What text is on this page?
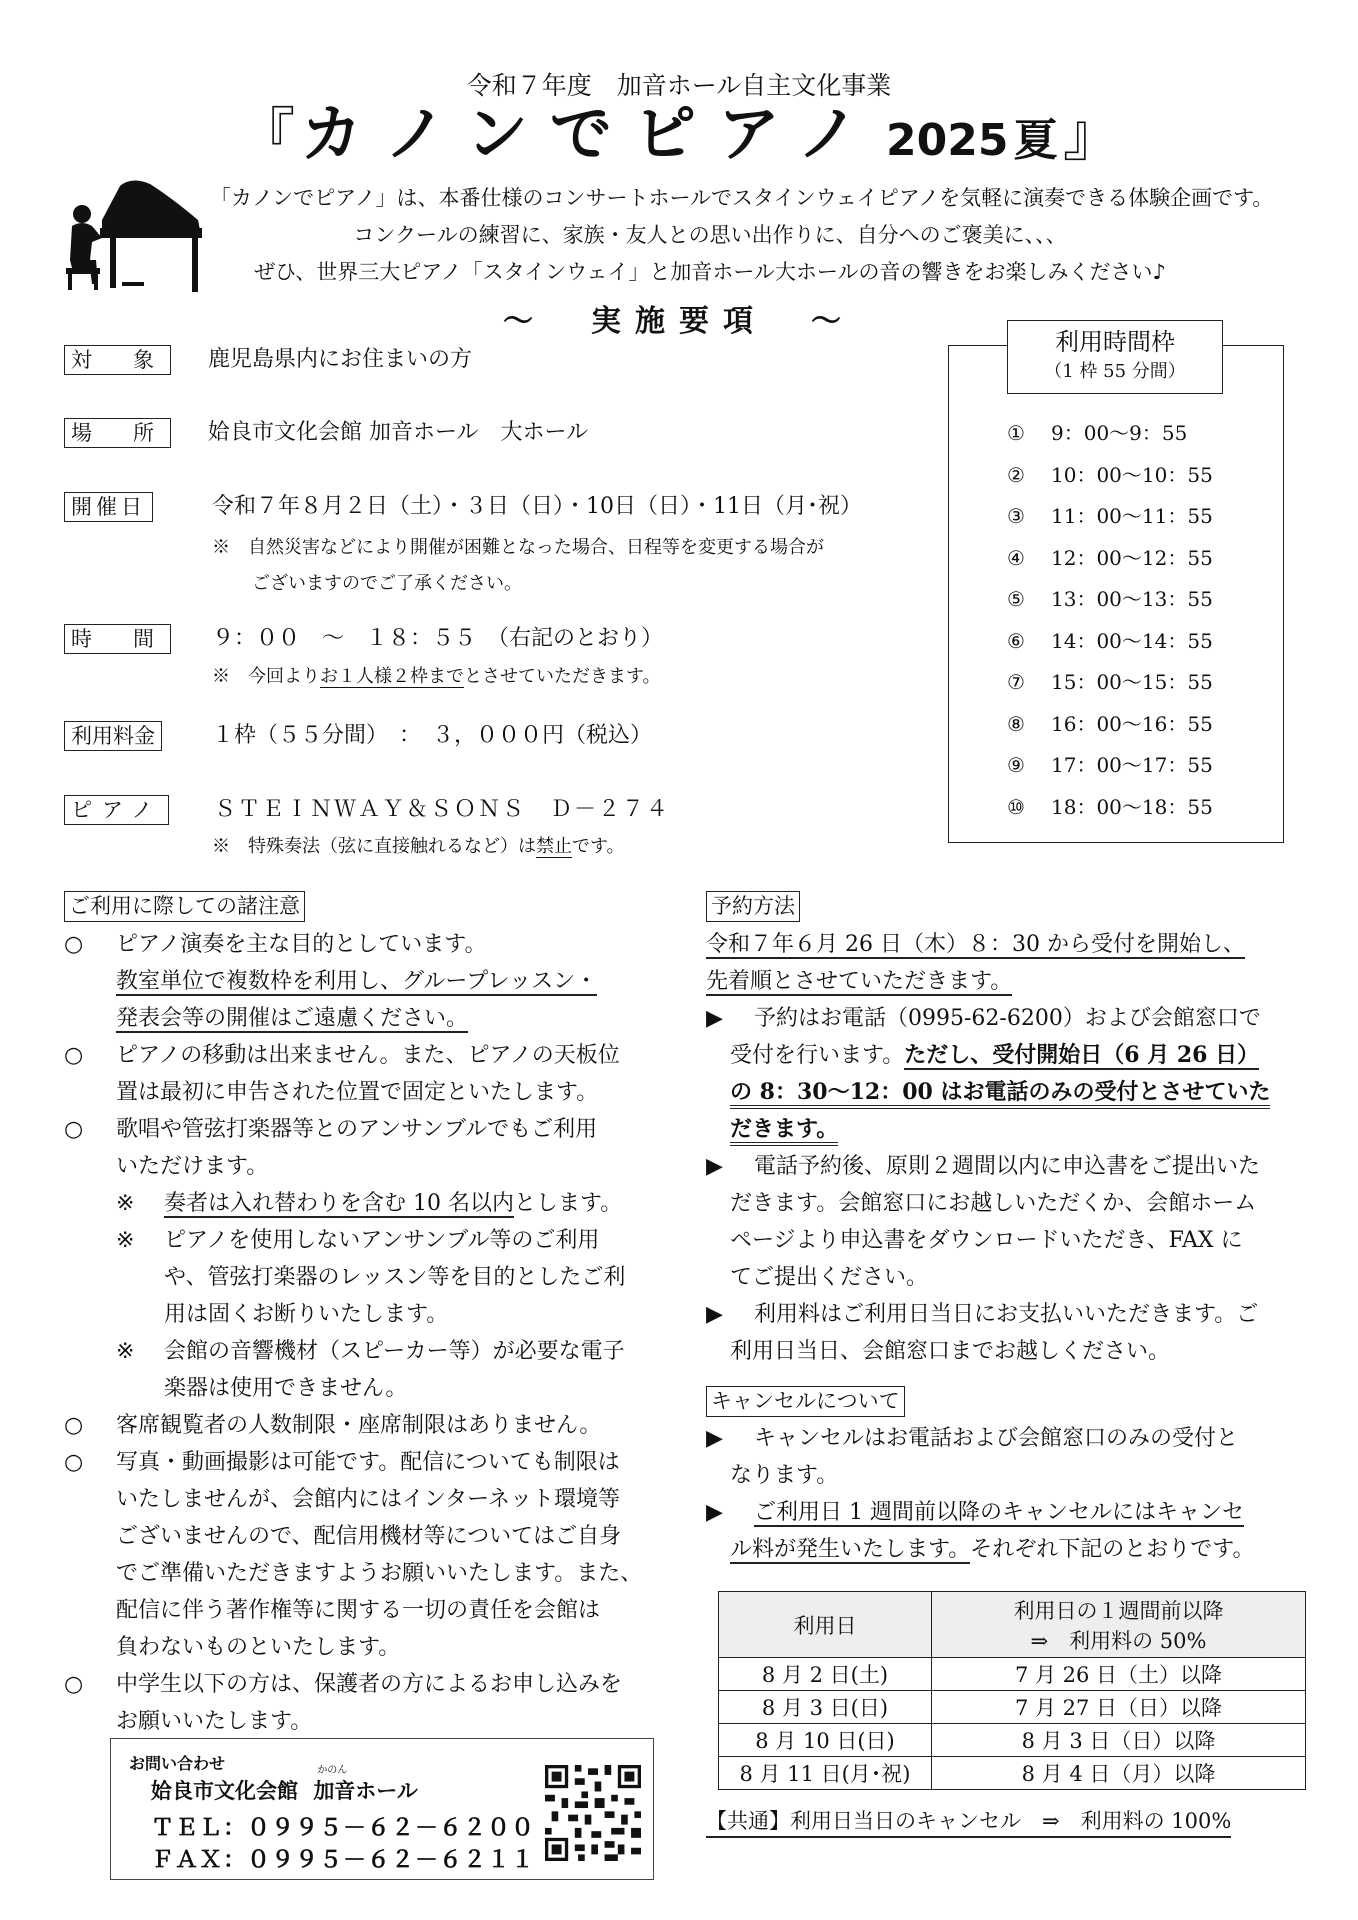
令和７年度　加音ホール自主文化事業
『 カノンでピアノ 2025 夏 』
「カノンでピアノ」は、本番仕様のコンサートホールでスタインウェイピアノを気軽に演奏できる体験企画です。
コンクールの練習に、家族・友人との思い出作りに、自分へのご褒美に、、、
ぜひ、世界三大ピアノ「スタインウェイ」と加音ホール大ホールの音の響きをお楽しみください♪
～　実施要項　～
対　象 鹿児島県内にお住まいの方
場　所 姶良市文化会館 加音ホール　大ホール
開催日	令和７年８月２日（土）・３日（日）・10日（日）・11日（月･祝）
※　自然災害などにより開催が困難となった場合、日程等を変更する場合が
ございますのでご了承ください。
時　間 ９：００　～　１８：５５　（右記のとおり）
※　今回よりお１人様２枠までとさせていただきます。
利用料金	１枠（５５分間）　：　３，０００円（税込）
ピアノ ＳＴＥＩＮＷＡＹ＆ＳＯＮＳ　Ｄ－２７４
※　特殊奏法（弦に直接触れるなど）は禁止です。
利用時間枠
（1 枠 55 分間）
① 9：00～9：55
② 10：00～10：55
③ 11：00～11：55
④ 12：00～12：55
⑤ 13：00～13：55
⑥ 14：00～14：55
⑦ 15：00～15：55
⑧ 16：00～16：55
⑨ 17：00～17：55
⑩ 18：00～18：55
ご利用に際しての諸注意
○ ピアノ演奏を主な目的としています。
教室単位で複数枠を利用し、グループレッスン・
発表会等の開催はご遠慮ください。
○ ピアノの移動は出来ません。また、ピアノの天板位
置は最初に申告された位置で固定といたします。
○ 歌唱や管弦打楽器等とのアンサンブルでもご利用
いただけます。
※ 奏者は入れ替わりを含む 10 名以内とします。
※ ピアノを使用しないアンサンブル等のご利用
や、管弦打楽器のレッスン等を目的としたご利
用は固くお断りいたします。
※ 会館の音響機材（スピーカー等）が必要な電子
楽器は使用できません。
○ 客席観覧者の人数制限・座席制限はありません。
○ 写真・動画撮影は可能です。配信についても制限は
いたしませんが、会館内にはインターネット環境等
ございませんので、配信用機材等についてはご自身
でご準備いただきますようお願いいたします。また、
配信に伴う著作権等に関する一切の責任を会館は
負わないものといたします。
○ 中学生以下の方は、保護者の方によるお申し込みを
お願いいたします。
お問い合わせ
姶良市文化会館
かのん
加音ホール
ＴＥＬ：０９９５－６２－６２００
ＦＡＸ：０９９５－６２－６２１１
予約方法
令和７年６月 26 日（木）８：30 から受付を開始し、
先着順とさせていただきます。
▶	予約はお電話（0995-62-6200）および会館窓口で
受付を行います。ただし、受付開始日（6 月 26 日）
の 8：30～12：00 はお電話のみの受付とさせていた
だきます。
▶	電話予約後、原則２週間以内に申込書をご提出いた
だきます。会館窓口にお越しいただくか、会館ホーム
ページより申込書をダウンロードいただき、FAX に
てご提出ください。
▶	利用料はご利用日当日にお支払いいただきます。ご
利用日当日、会館窓口までお越しください。
キャンセルについて
▶	キャンセルはお電話および会館窓口のみの受付と
なります。
▶	ご利用日 1 週間前以降のキャンセルにはキャンセ
ル料が発生いたします。それぞれ下記のとおりです。
利用日	利用日の１週間前以降
⇒　利用料の 50%

8 月 2 日(土)	7 月 26 日（土）以降
8 月 3 日(日)	7 月 27 日（日）以降
8 月 10 日(日)	8 月 3 日（日）以降
8 月 11 日(月･祝)	8 月 4 日（月）以降
【共通】利用日当日のキャンセル　⇒　利用料の 100%
